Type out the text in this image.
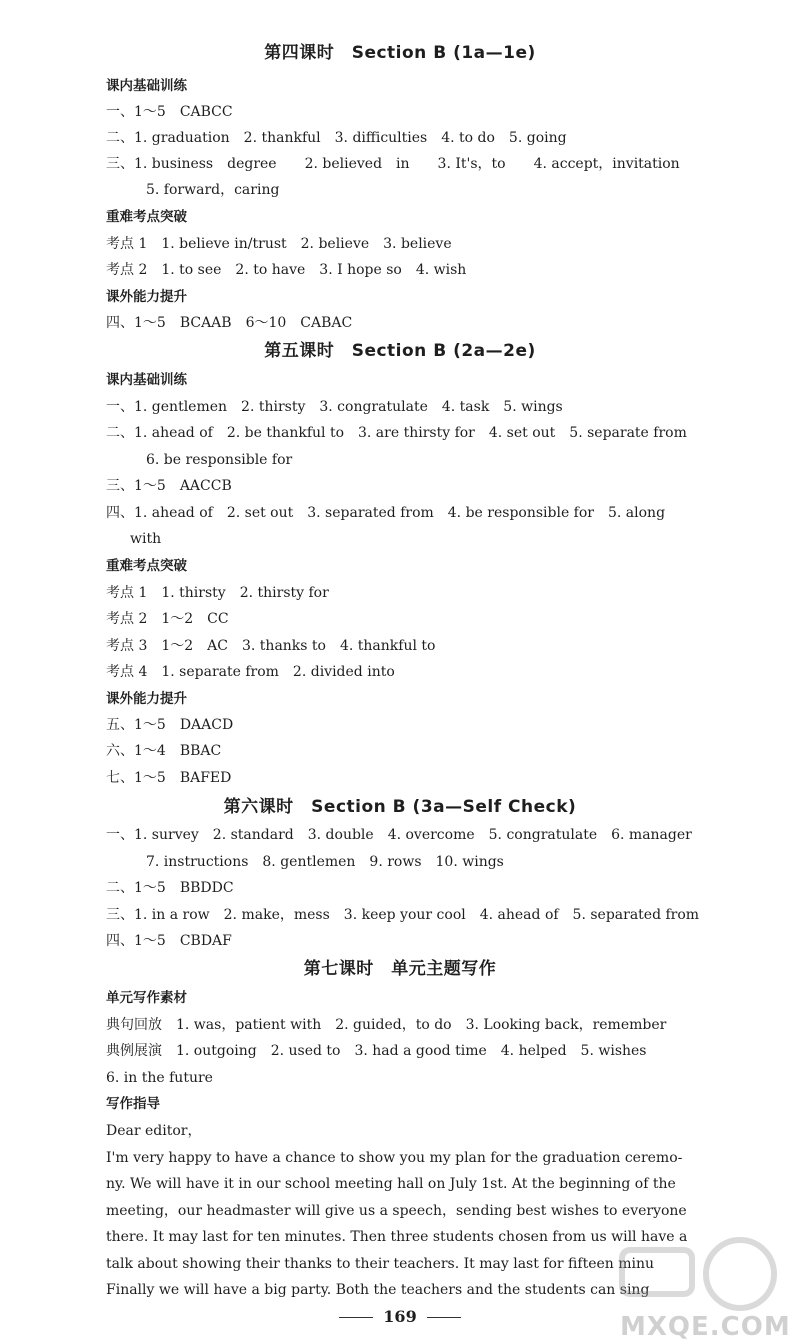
第四课时　Section B (1a—1e)
课内基础训练
一、1～5　CABCC
二、1. graduation　2. thankful　3. difficulties　4. to do　5. going
三、1. business　degree　　2. believed　in　　3. It's，to　　4. accept，invitation
5. forward，caring
重难考点突破
考点 1　1. believe in/trust　2. believe　3. believe
考点 2　1. to see　2. to have　3. I hope so　4. wish
课外能力提升
四、1～5　BCAAB　6～10　CABAC
第五课时　Section B (2a—2e)
课内基础训练
一、1. gentlemen　2. thirsty　3. congratulate　4. task　5. wings
二、1. ahead of　2. be thankful to　3. are thirsty for　4. set out　5. separate from
6. be responsible for
三、1～5　AACCB
四、1. ahead of　2. set out　3. separated from　4. be responsible for　5. along
with
重难考点突破
考点 1　1. thirsty　2. thirsty for
考点 2　1～2　CC
考点 3　1～2　AC　3. thanks to　4. thankful to
考点 4　1. separate from　2. divided into
课外能力提升
五、1～5　DAACD
六、1～4　BBAC
七、1～5　BAFED
第六课时　Section B (3a—Self Check)
一、1. survey　2. standard　3. double　4. overcome　5. congratulate　6. manager
7. instructions　8. gentlemen　9. rows　10. wings
二、1～5　BBDDC
三、1. in a row　2. make，mess　3. keep your cool　4. ahead of　5. separated from
四、1～5　CBDAF
第七课时　单元主题写作
单元写作素材
典句回放　1. was，patient with　2. guided，to do　3. Looking back，remember
典例展演　1. outgoing　2. used to　3. had a good time　4. helped　5. wishes
6. in the future
写作指导
Dear editor，
I'm very happy to have a chance to show you my plan for the graduation ceremo-
ny. We will have it in our school meeting hall on July 1st. At the beginning of the
meeting，our headmaster will give us a speech，sending best wishes to everyone
there. It may last for ten minutes. Then three students chosen from us will have a
talk about showing their thanks to their teachers. It may last for fifteen minu
Finally we will have a big party. Both the teachers and the students can sing
169	MXQE.COM
